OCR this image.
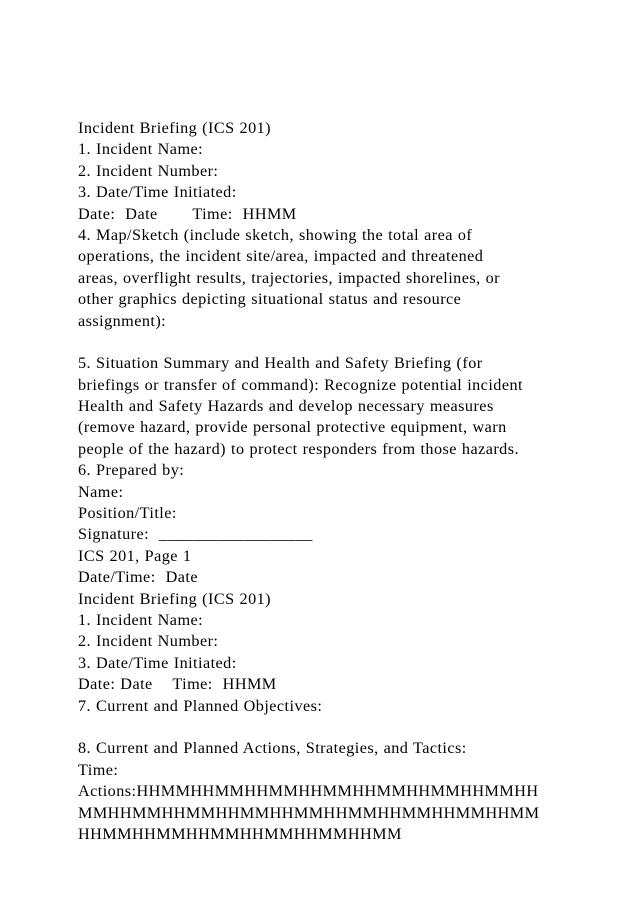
Incident Briefing (ICS 201)
1. Incident Name:
2. Incident Number:
3. Date/Time Initiated:
Date:  Date       Time:  HHMM
4. Map/Sketch (include sketch, showing the total area of
operations, the incident site/area, impacted and threatened
areas, overflight results, trajectories, impacted shorelines, or
other graphics depicting situational status and resource
assignment):
5. Situation Summary and Health and Safety Briefing (for
briefings or transfer of command): Recognize potential incident
Health and Safety Hazards and develop necessary measures
(remove hazard, provide personal protective equipment, warn
people of the hazard) to protect responders from those hazards.
6. Prepared by:
Name:
Position/Title:
Signature:  __________________
ICS 201, Page 1
Date/Time:  Date
Incident Briefing (ICS 201)
1. Incident Name:
2. Incident Number:
3. Date/Time Initiated:
Date: Date    Time:  HHMM
7. Current and Planned Objectives:
8. Current and Planned Actions, Strategies, and Tactics:
Time:
Actions:HHMMHHMMHHMMHHMMHHMMHHMMHHMMHH
MMHHMMHHMMHHMMHHMMHHMMHHMMHHMMHHMM
HHMMHHMMHHMMHHMMHHMMHHMM
